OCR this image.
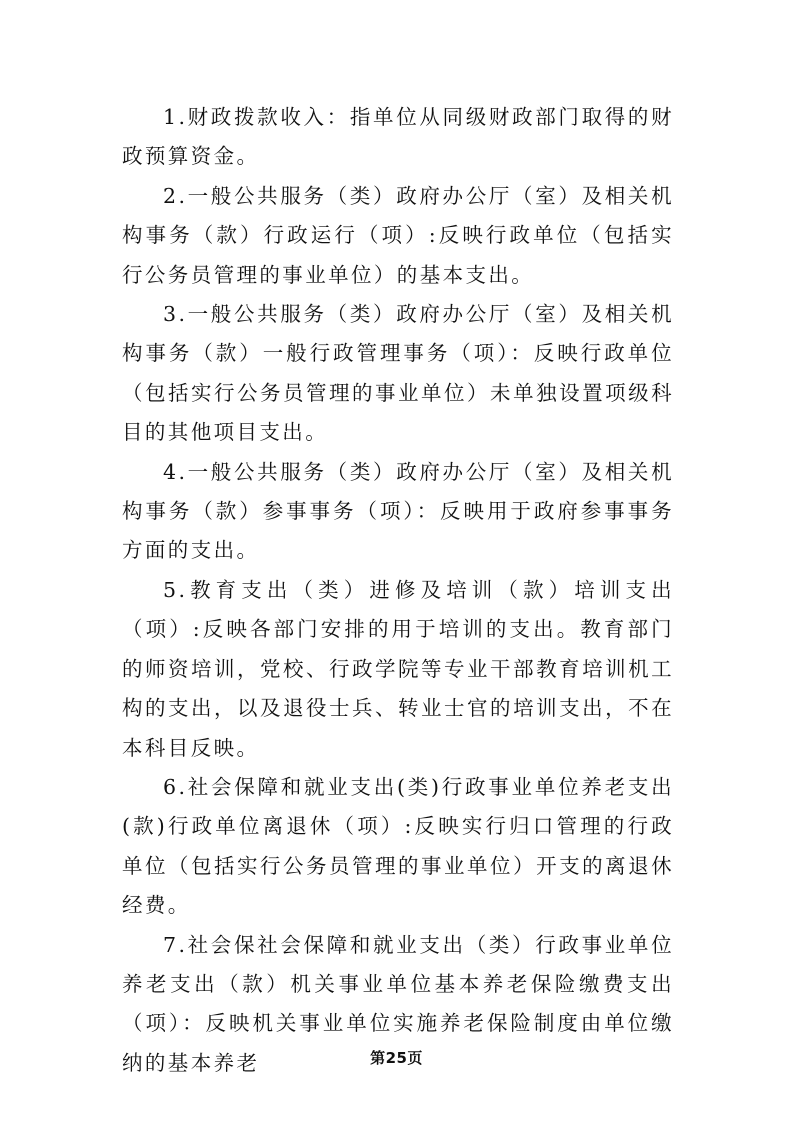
1.财政拨款收入：指单位从同级财政部门取得的财政预算资金。

2.一般公共服务（类）政府办公厅（室）及相关机构事务（款）行政运行（项）:反映行政单位（包括实行公务员管理的事业单位）的基本支出。

3.一般公共服务（类）政府办公厅（室）及相关机构事务（款）一般行政管理事务（项）：反映行政单位（包括实行公务员管理的事业单位）未单独设置项级科目的其他项目支出。

4.一般公共服务（类）政府办公厅（室）及相关机构事务（款）参事事务（项）：反映用于政府参事事务方面的支出。

5.教育支出（类）进修及培训（款）培训支出（项）:反映各部门安排的用于培训的支出。教育部门的师资培训，党校、行政学院等专业干部教育培训机工构的支出，以及退役士兵、转业士官的培训支出，不在本科目反映。

6.社会保障和就业支出(类)行政事业单位养老支出(款)行政单位离退休（项）:反映实行归口管理的行政单位（包括实行公务员管理的事业单位）开支的离退休经费。

7.社会保社会保障和就业支出（类）行政事业单位养老支出（款）机关事业单位基本养老保险缴费支出（项）：反映机关事业单位实施养老保险制度由单位缴纳的基本养老	第25页
